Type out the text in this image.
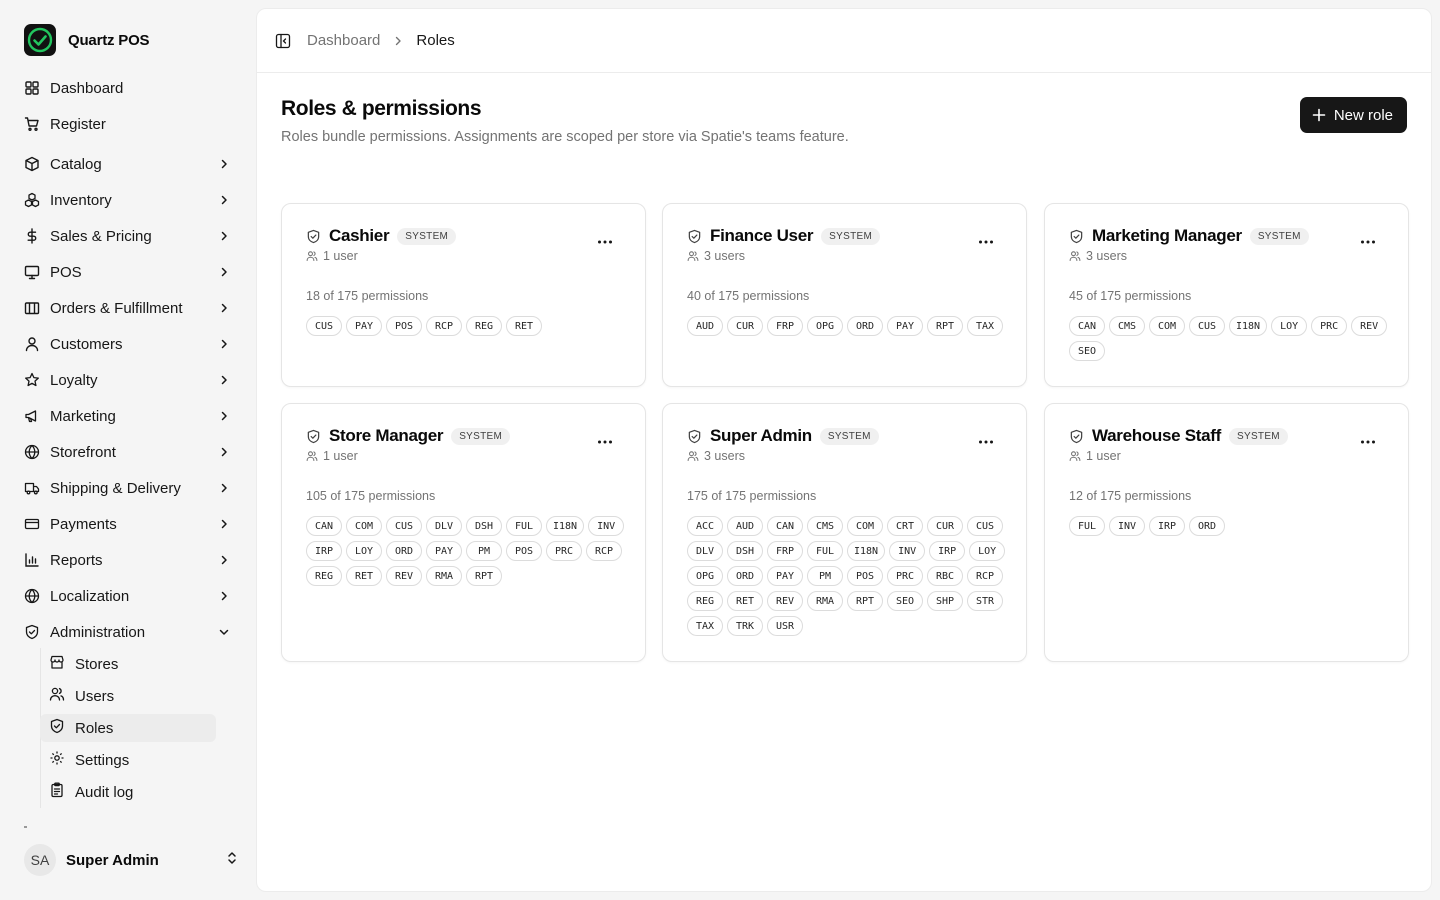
Quartz POS
Dashboard
Register
Catalog
Inventory
Sales & Pricing
POS
Orders & Fulfillment
Customers
Loyalty
Marketing
Storefront
Shipping & Delivery
Payments
Reports
Localization
Administration
Stores
Users
Roles
Settings
Audit log
SA	Super Admin
Dashboard Roles
Roles & permissions

Roles bundle permissions. Assignments are scoped per store via Spatie's teams feature.

New role
Cashier	SYSTEM
1 user
18 of 175 permissions
CUS	PAY	POS	RCP	REG	RET
Finance User	SYSTEM
3 users
40 of 175 permissions
AUD	CUR	FRP	OPG	ORD	PAY	RPT	TAX
Marketing Manager	SYSTEM
3 users
45 of 175 permissions
CAN	CMS	COM	CUS	I18N	LOY	PRC	REV
SEO
Store Manager	SYSTEM
1 user
105 of 175 permissions
CAN	COM	CUS	DLV	DSH	FUL	I18N	INV
IRP	LOY	ORD	PAY	PM	POS	PRC	RCP
REG	RET	REV	RMA	RPT
Super Admin	SYSTEM
3 users
175 of 175 permissions
ACC	AUD	CAN	CMS	COM	CRT	CUR	CUS
DLV	DSH	FRP	FUL	I18N	INV	IRP	LOY
OPG	ORD	PAY	PM	POS	PRC	RBC	RCP
REG	RET	REV	RMA	RPT	SEO	SHP	STR
TAX	TRK	USR
Warehouse Staff	SYSTEM
1 user
12 of 175 permissions
FUL	INV	IRP	ORD
